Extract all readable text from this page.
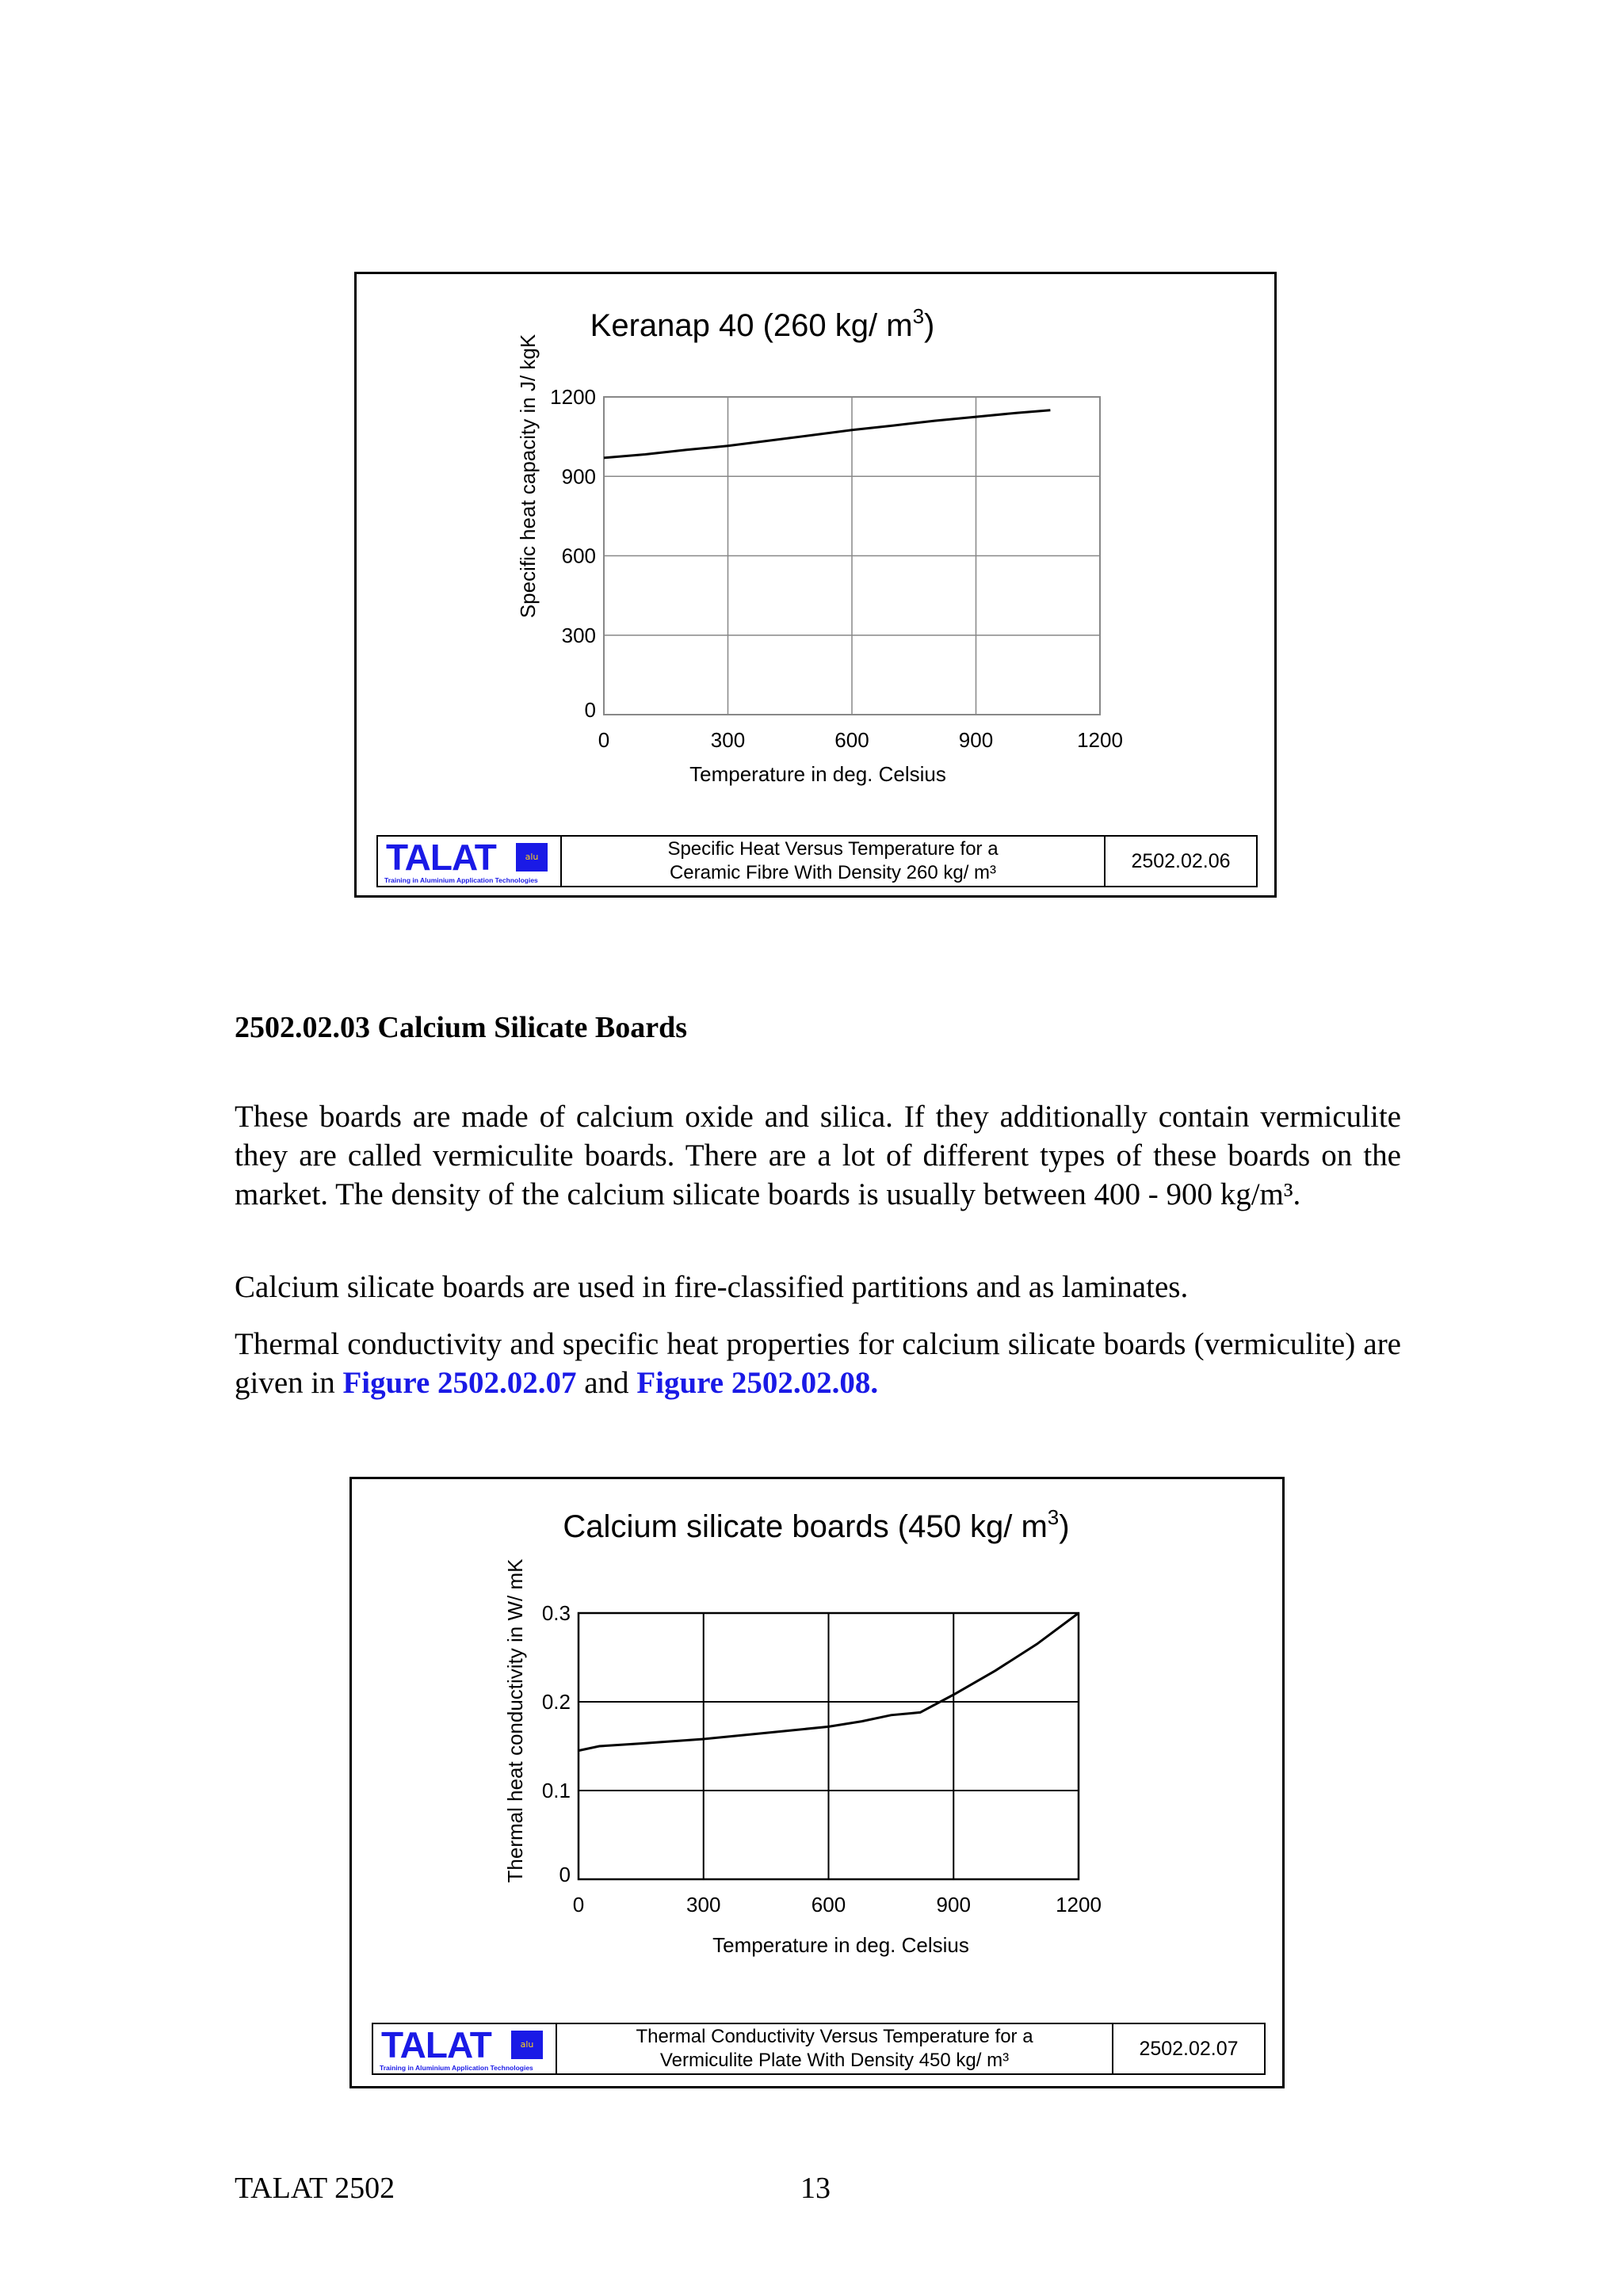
Keranap 40 (260 kg/ $m^3$)
0	300	600	900	1200
0
300
600
900
1200
Temperature in deg. Celsius
Specific heat capacity in J/ kgK
TALAT	alu
Training in Aluminium Application Technologies
Specific Heat Versus Temperature for a
Ceramic Fibre With Density 260 kg/ m³
2502.02.06
2502.02.03 Calcium Silicate Boards

These boards are made of calcium oxide and silica. If they additionally contain vermiculite they are called vermiculite boards. There are a lot of different types of these boards on the market. The density of the calcium silicate boards is usually between 400 - 900 kg/m³.

Calcium silicate boards are used in fire-classified partitions and as laminates.

Thermal conductivity and specific heat properties for calcium silicate boards (vermiculite) are given in Figure 2502.02.07 and Figure 2502.02.08.

Calcium silicate boards (450 kg/ $m^3$)
0	300	600	900	1200
0
0.1
0.2
0.3
Temperature in deg. Celsius
Thermal heat conductivity in W/ mK
TALAT	alu
Training in Aluminium Application Technologies
Thermal Conductivity Versus Temperature for a
Vermiculite Plate With Density 450 kg/ m³
2502.02.07
TALAT 2502	13
